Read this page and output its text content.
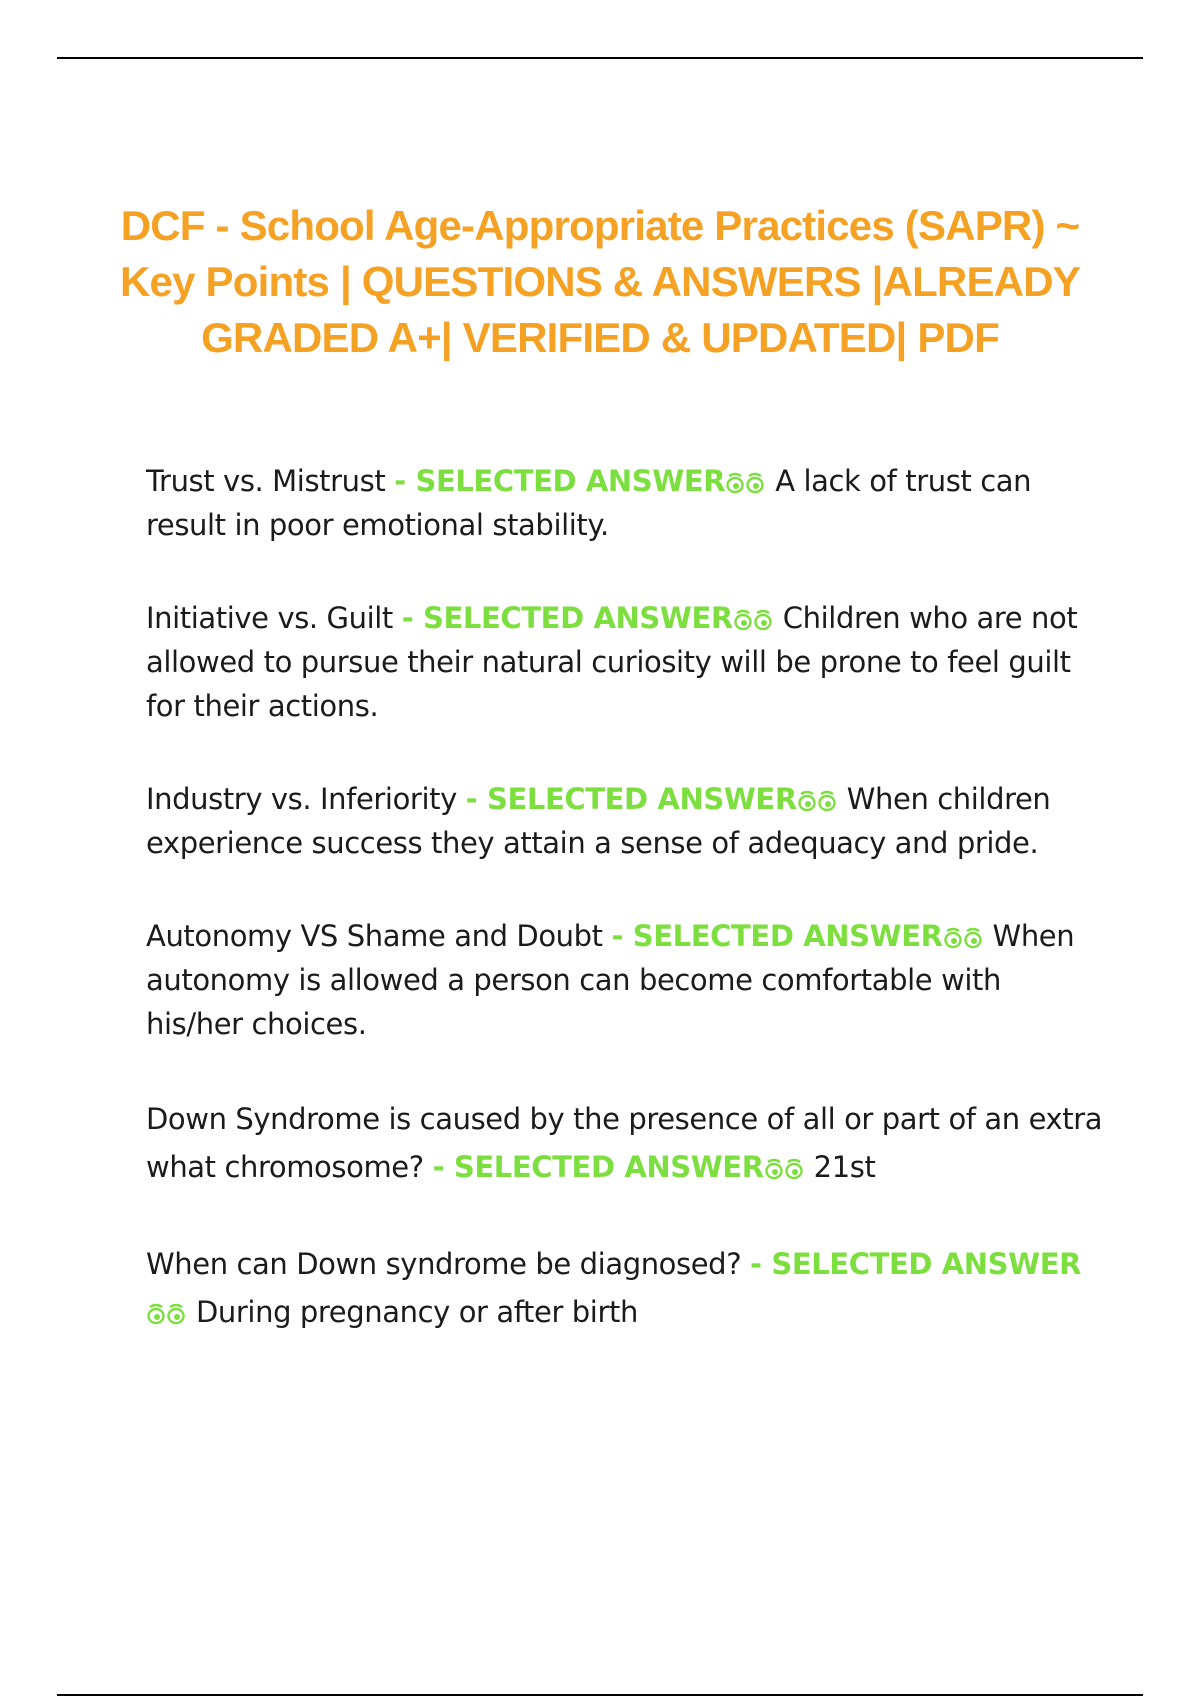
DCF - School Age-Appropriate Practices (SAPR) ~ Key Points | QUESTIONS & ANSWERS |ALREADY GRADED A+| VERIFIED & UPDATED| PDF
Trust vs. Mistrust - SELECTED ANSWER A lack of trust can result in poor emotional stability.
Initiative vs. Guilt - SELECTED ANSWER Children who are not allowed to pursue their natural curiosity will be prone to feel guilt for their actions.
Industry vs. Inferiority - SELECTED ANSWER When children experience success they attain a sense of adequacy and pride.
Autonomy VS Shame and Doubt - SELECTED ANSWER When autonomy is allowed a person can become comfortable with his/her choices.
Down Syndrome is caused by the presence of all or part of an extra what chromosome? - SELECTED ANSWER 21st
When can Down syndrome be diagnosed? - SELECTED ANSWERDuring pregnancy or after birth
